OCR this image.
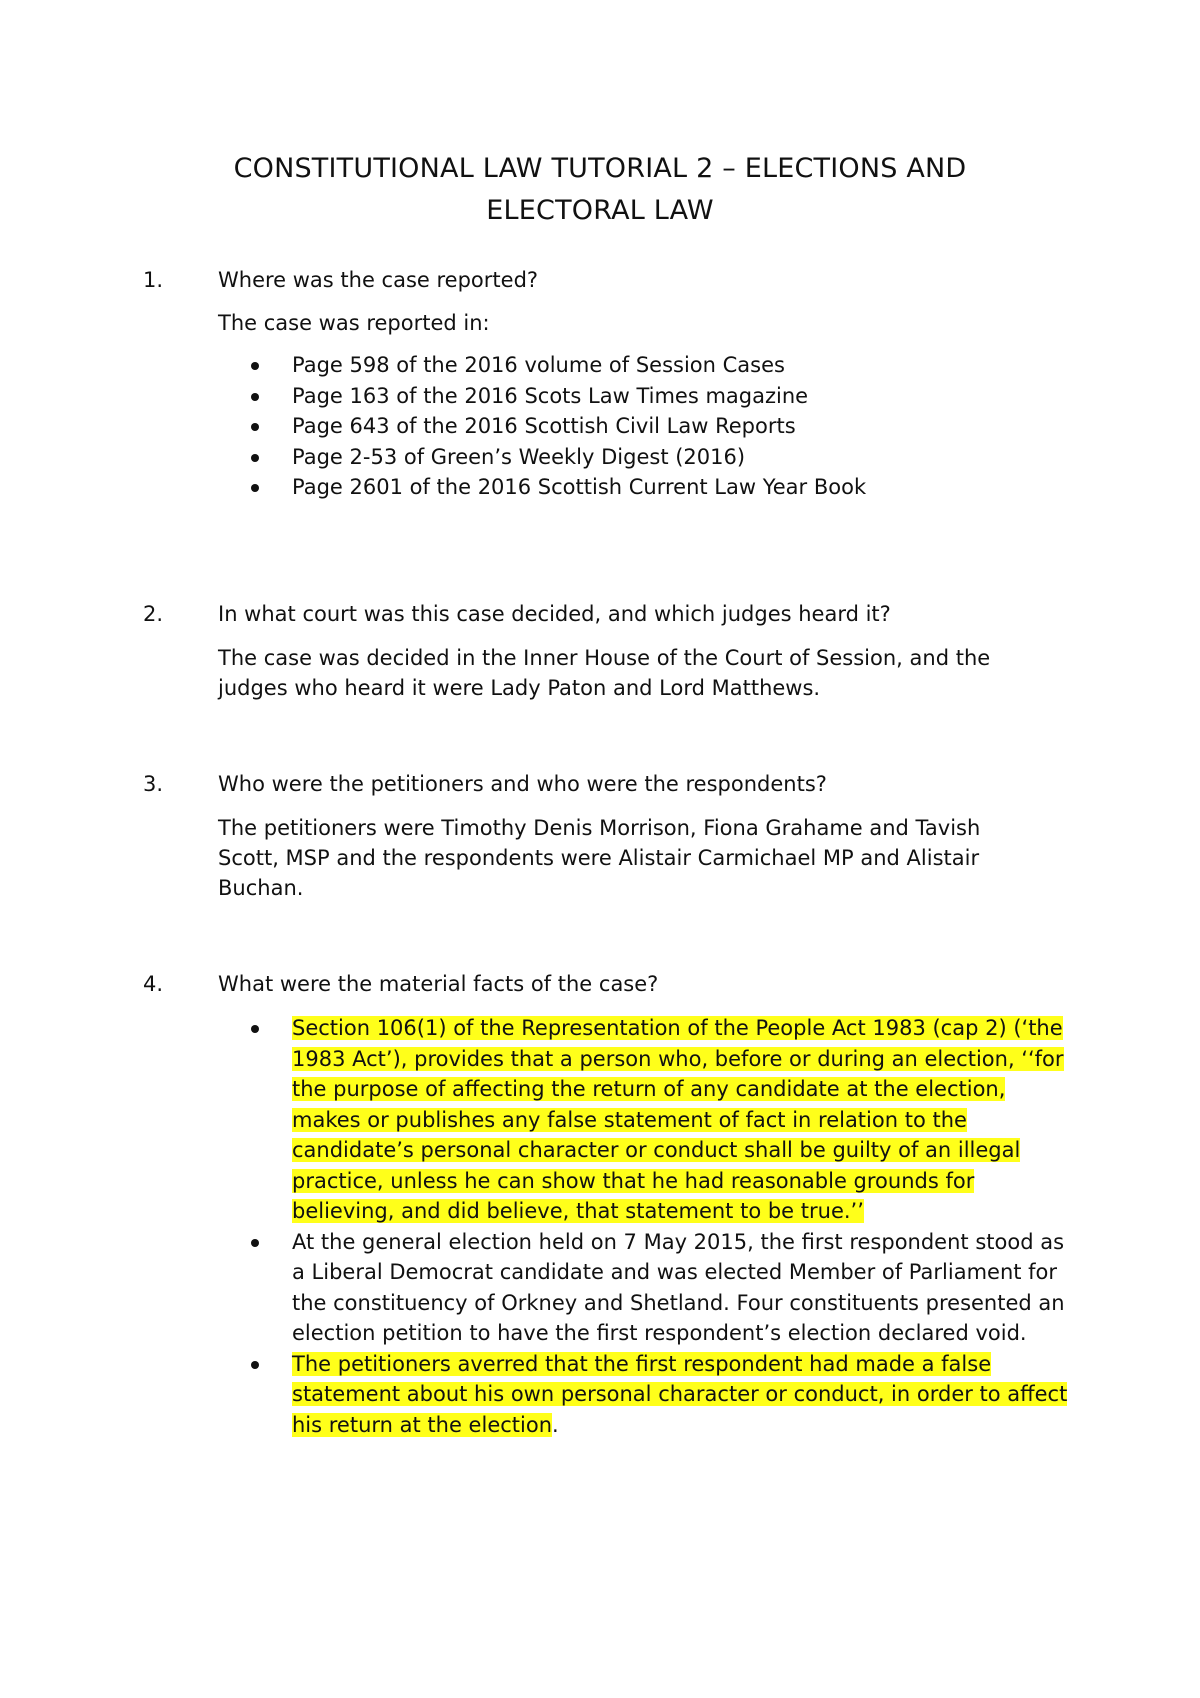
CONSTITUTIONAL LAW TUTORIAL 2 – ELECTIONS AND
ELECTORAL LAW
1.	Where was the case reported?
The case was reported in:
Page 598 of the 2016 volume of Session Cases
Page 163 of the 2016 Scots Law Times magazine
Page 643 of the 2016 Scottish Civil Law Reports
Page 2-53 of Green’s Weekly Digest (2016)
Page 2601 of the 2016 Scottish Current Law Year Book
2.	In what court was this case decided, and which judges heard it?
The case was decided in the Inner House of the Court of Session, and the judges who heard it were Lady Paton and Lord Matthews.
3.	Who were the petitioners and who were the respondents?
The petitioners were Timothy Denis Morrison, Fiona Grahame and Tavish Scott, MSP and the respondents were Alistair Carmichael MP and Alistair Buchan.
4.	What were the material facts of the case?
Section 106(1) of the Representation of the People Act 1983 (cap 2) (‘the 1983 Act’), provides that a person who, before or during an election, ‘‘for the purpose of affecting the return of any candidate at the election, makes or publishes any false statement of fact in relation to the candidate’s personal character or conduct shall be guilty of an illegal practice, unless he can show that he had reasonable grounds for believing, and did believe, that statement to be true.’’
At the general election held on 7 May 2015, the first respondent stood as a Liberal Democrat candidate and was elected Member of Parliament for the constituency of Orkney and Shetland. Four constituents presented an election petition to have the first respondent’s election declared void.
The petitioners averred that the first respondent had made a false statement about his own personal character or conduct, in order to affect his return at the election.
